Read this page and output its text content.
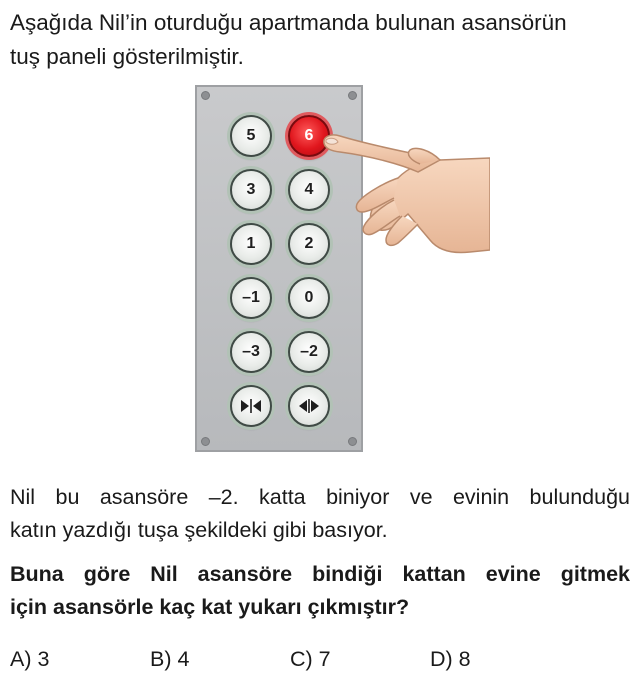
Aşağıda Nil’in oturduğu apartmanda bulunan asansörün
tuş paneli gösterilmiştir.

5	6
3	4
1	2
–1	0
–3	–2

Nil bu asansöre –2. katta biniyor ve evinin bulunduğu
katın yazdığı tuşa şekildeki gibi basıyor.

Buna göre Nil asansöre bindiği kattan evine gitmek
için asansörle kaç kat yukarı çıkmıştır?

A) 3	B) 4	C) 7	D) 8
